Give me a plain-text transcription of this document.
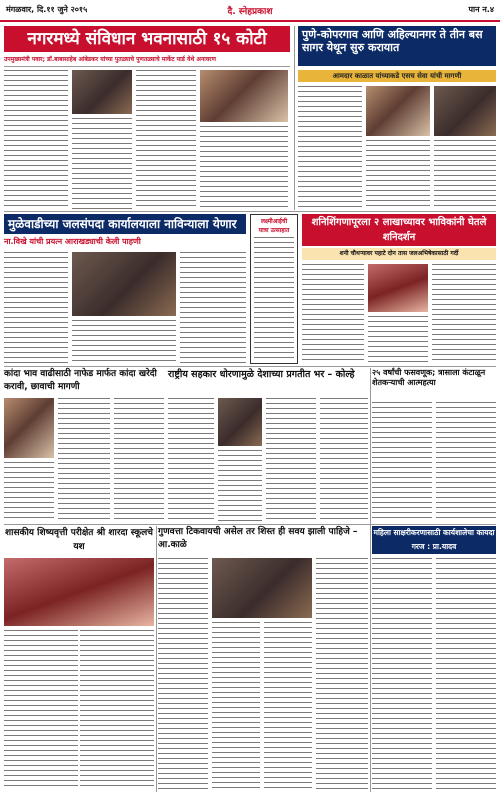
मंगळवार, दि.११ जुने २०१५	दै. स्नेहप्रकाश	पान न.४
नगरमध्ये संविधान भवनासाठी १५ कोटी
उपमुख्यमंत्री पवार; डॉ.बाबासाहेब आंबेडकर यांच्या पुतळ्याचे पुणतळ्याचे मार्केट यार्ड येथे अनावरण
पुणे-कोपरगाव आणि अहिल्यानगर ते तीन बस सागर येथून सुरु करायात
आमदार काळात यांच्याकडे एसच सेवा यांची मागणी
मुळेवाडीच्या जलसंपदा कार्यालयाला नाविन्याला येणार
ना.विखे यांची प्रयत्न आराखड्याची केली पाहणी
लक्ष्मीआईची
यात्रा उत्साहात
शनिशिंगणापूरला २ लाखाच्यावर भाविकांनी घेतले शनिदर्शन
शनी चौथऱ्यावर पहाटे दोन तास जलअभिषेकासाठी गर्दी
कांदा भाव वाढीसाठी नाफेड मार्फत कांदा खरेदी करावी, छावाची मागणी
राष्ट्रीय सहकार धोरणामुळे देशाच्या प्रगतीत भर – कोल्हे	२५ वर्षांची फसवणूक; त्रासाला कंटाळून शेतकऱ्याची आत्महत्या
शासकीय शिष्यवृत्ती परीक्षेत श्री शारदा स्कूलचे यश
गुणवत्ता टिकवायची असेल तर शिस्त ही सवय झाली पाहिजे – आ.काळे
महिला साक्षरीकरणासाठी कार्यशालेचा कायदा गरज : प्रा.यादव
